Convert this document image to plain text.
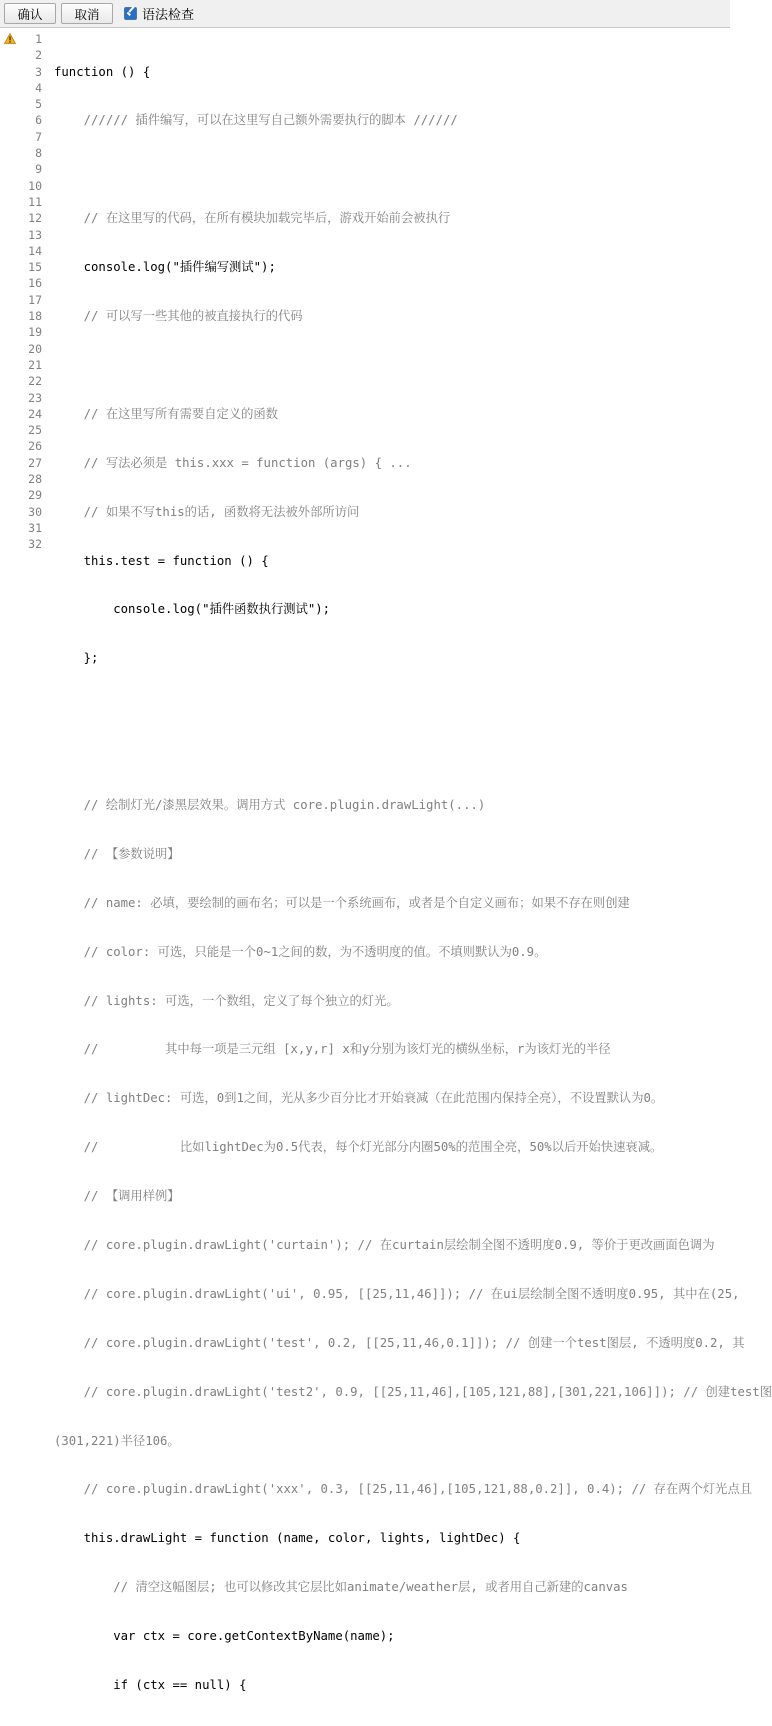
确认	取消	语法检查
1
2
3
4
5
6
7
8
9
10
11
12
13
14
15
16
17
18
19
20
21
22
23
24
25
26
27
28
29
30
31
32

function () {

////// 插件编写，可以在这里写自己额外需要执行的脚本 //////

// 在这里写的代码，在所有模块加载完毕后，游戏开始前会被执行

console.log("插件编写测试");

// 可以写一些其他的被直接执行的代码

// 在这里写所有需要自定义的函数

// 写法必须是 this.xxx = function (args) { ...

// 如果不写this的话, 函数将无法被外部所访问

this.test = function () {

console.log("插件函数执行测试");

};

// 绘制灯光/漆黑层效果。调用方式 core.plugin.drawLight(...)

// 【参数说明】

// name: 必填，要绘制的画布名；可以是一个系统画布，或者是个自定义画布；如果不存在则创建

// color: 可选，只能是一个0~1之间的数，为不透明度的值。不填则默认为0.9。

// lights: 可选，一个数组，定义了每个独立的灯光。

//         其中每一项是三元组 [x,y,r] x和y分别为该灯光的横纵坐标，r为该灯光的半径

// lightDec: 可选，0到1之间，光从多少百分比才开始衰减（在此范围内保持全亮），不设置默认为0。

//           比如lightDec为0.5代表，每个灯光部分内圈50%的范围全亮，50%以后开始快速衰减。

// 【调用样例】

// core.plugin.drawLight('curtain'); // 在curtain层绘制全图不透明度0.9, 等价于更改画面色调为

// core.plugin.drawLight('ui', 0.95, [[25,11,46]]); // 在ui层绘制全图不透明度0.95, 其中在(25,

// core.plugin.drawLight('test', 0.2, [[25,11,46,0.1]]); // 创建一个test图层, 不透明度0.2, 其

// core.plugin.drawLight('test2', 0.9, [[25,11,46],[105,121,88],[301,221,106]]); // 创建test图

(301,221)半径106。

// core.plugin.drawLight('xxx', 0.3, [[25,11,46],[105,121,88,0.2]], 0.4); // 存在两个灯光点且

this.drawLight = function (name, color, lights, lightDec) {

// 清空这幅图层; 也可以修改其它层比如animate/weather层, 或者用自己新建的canvas

var ctx = core.getContextByName(name);

if (ctx == null) {
